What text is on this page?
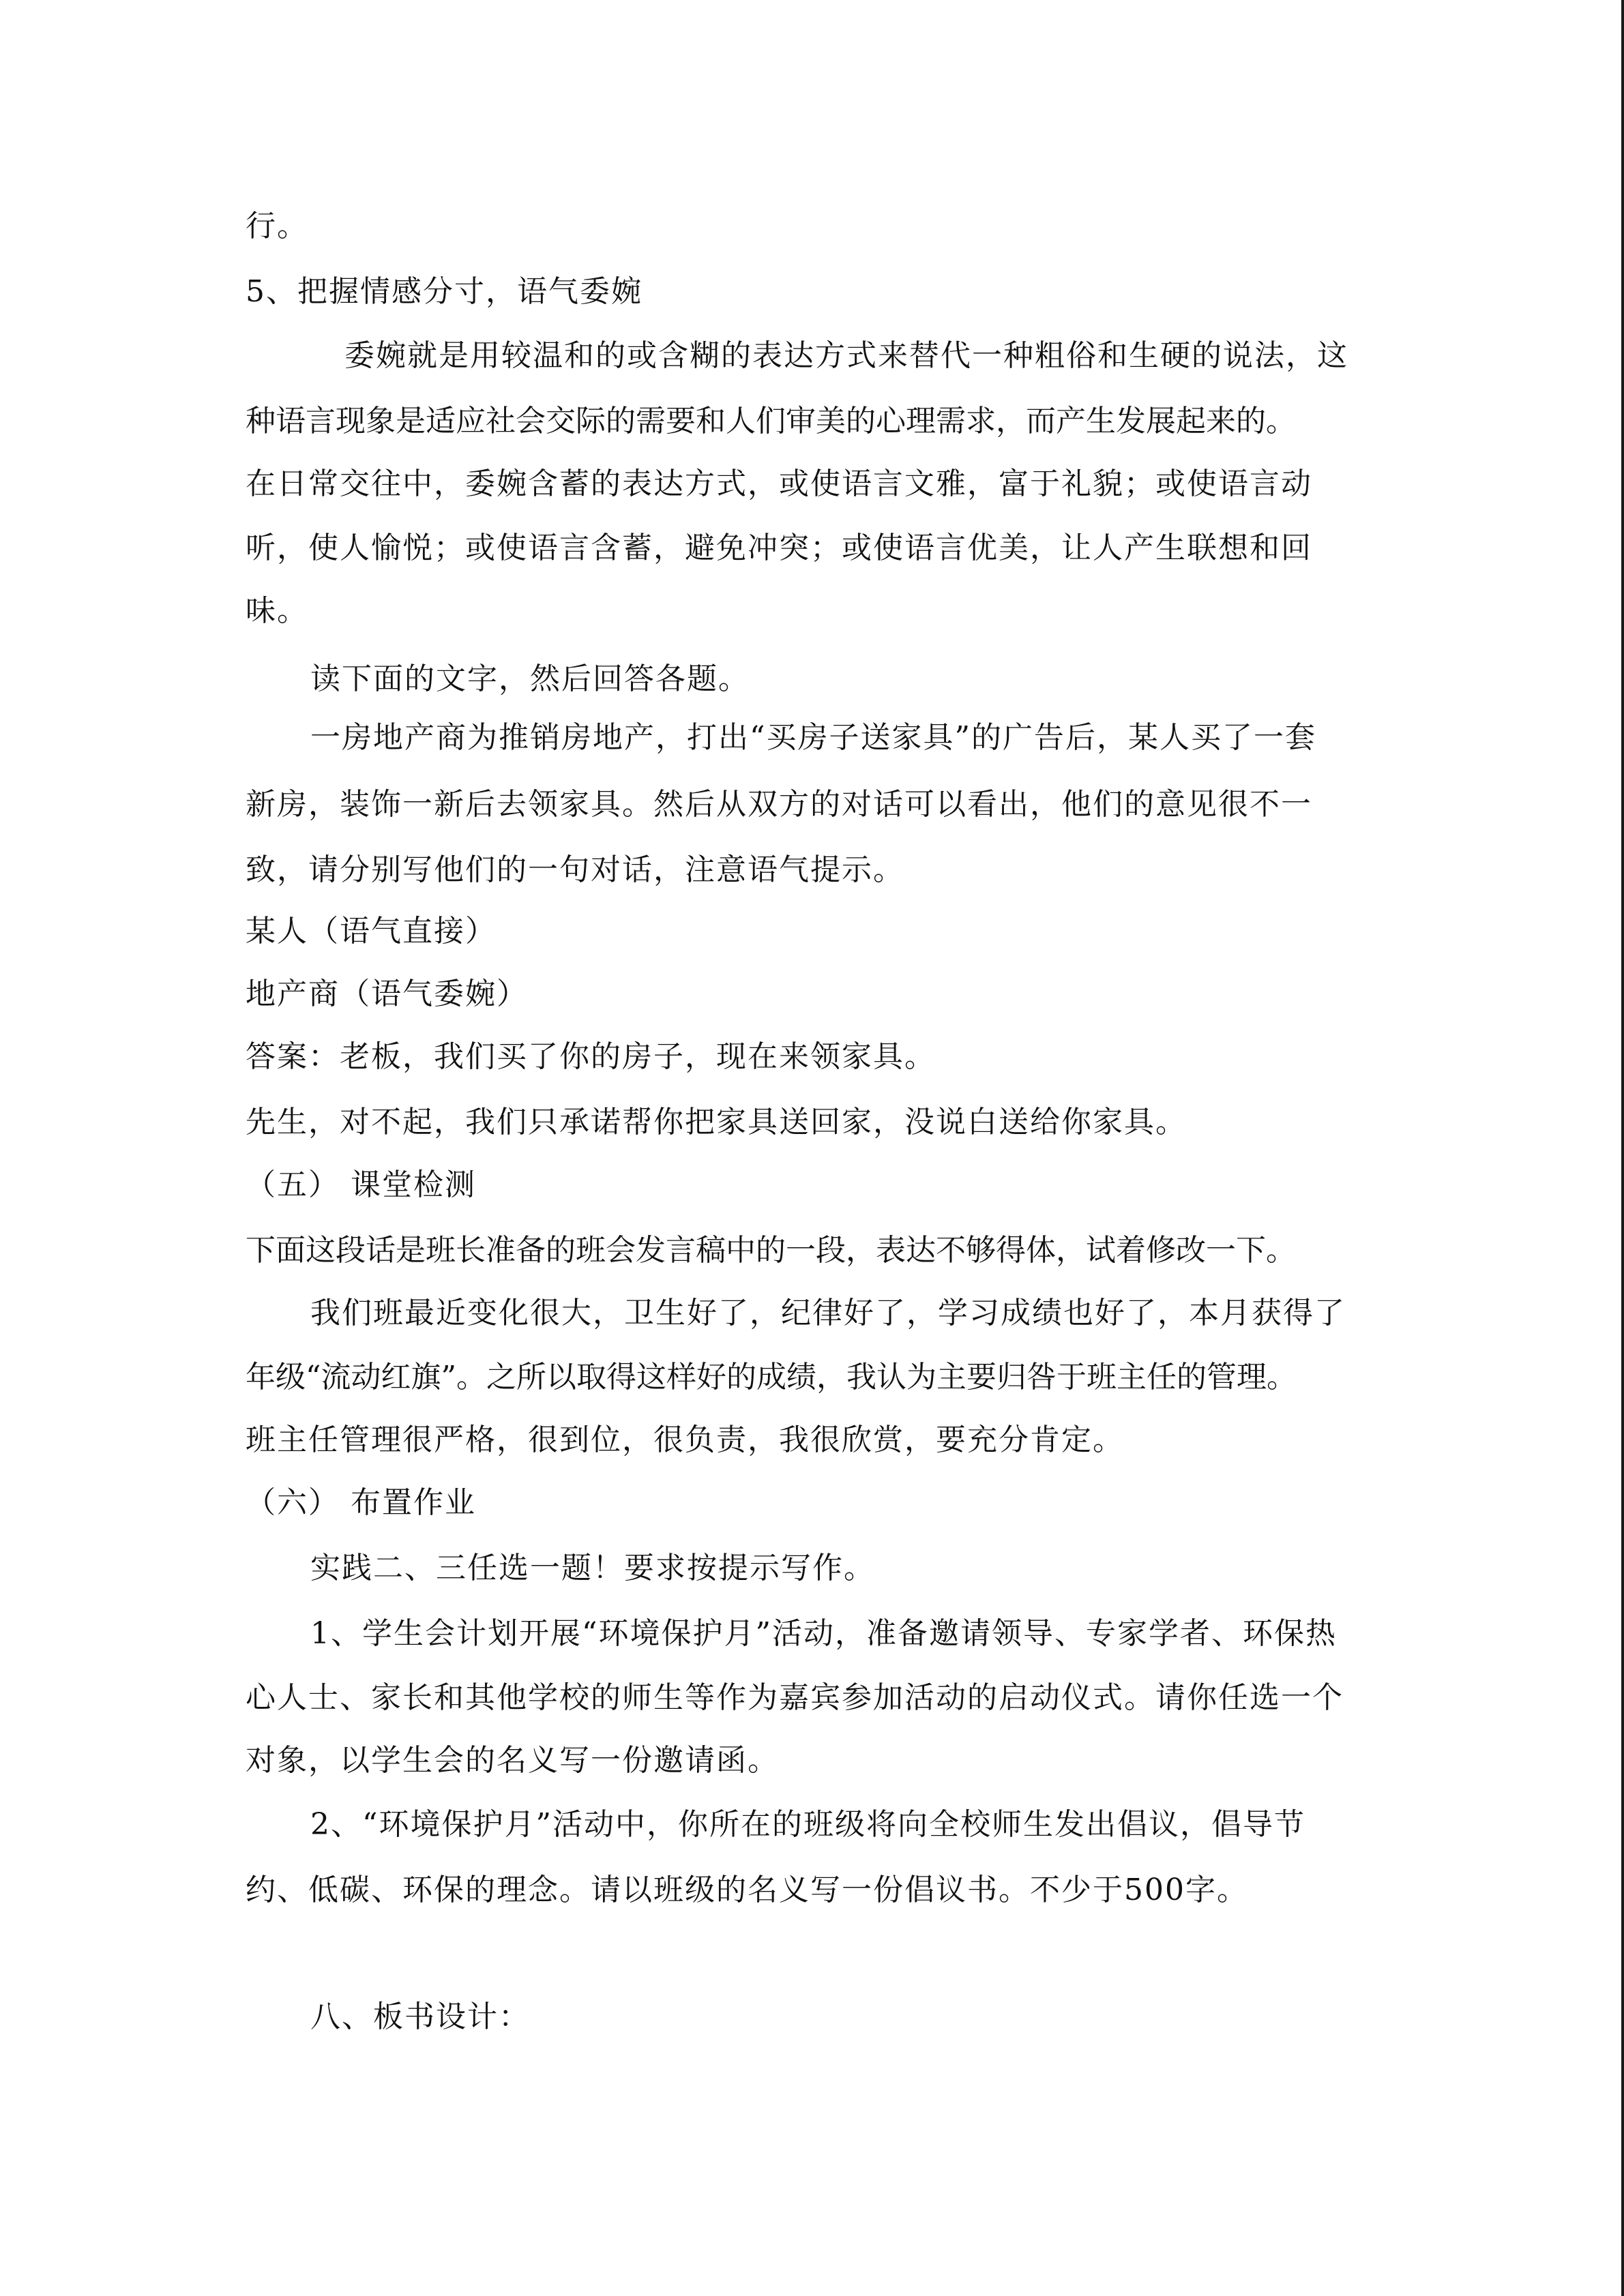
行。

5、把握情感分寸，语气委婉

委婉就是用较温和的或含糊的表达方式来替代一种粗俗和生硬的说法，这

种语言现象是适应社会交际的需要和人们审美的心理需求，而产生发展起来的。

在日常交往中，委婉含蓄的表达方式，或使语言文雅，富于礼貌；或使语言动

听，使人愉悦；或使语言含蓄，避免冲突；或使语言优美，让人产生联想和回

味。

读下面的文字，然后回答各题。

一房地产商为推销房地产，打出“买房子送家具”的广告后，某人买了一套

新房，装饰一新后去领家具。然后从双方的对话可以看出，他们的意见很不一

致，请分别写他们的一句对话，注意语气提示。

某人（语气直接）

地产商（语气委婉）

答案：老板，我们买了你的房子，现在来领家具。

先生，对不起，我们只承诺帮你把家具送回家，没说白送给你家具。

（五） 课堂检测

下面这段话是班长准备的班会发言稿中的一段，表达不够得体，试着修改一下。

我们班最近变化很大，卫生好了，纪律好了，学习成绩也好了，本月获得了

年级“流动红旗”。之所以取得这样好的成绩，我认为主要归咎于班主任的管理。

班主任管理很严格，很到位，很负责，我很欣赏，要充分肯定。

（六） 布置作业

实践二、三任选一题！要求按提示写作。

1、学生会计划开展“环境保护月”活动，准备邀请领导、专家学者、环保热

心人士、家长和其他学校的师生等作为嘉宾参加活动的启动仪式。请你任选一个

对象，以学生会的名义写一份邀请函。

2、“环境保护月”活动中，你所在的班级将向全校师生发出倡议，倡导节

约、低碳、环保的理念。请以班级的名义写一份倡议书。不少于500字。

八、板书设计：
